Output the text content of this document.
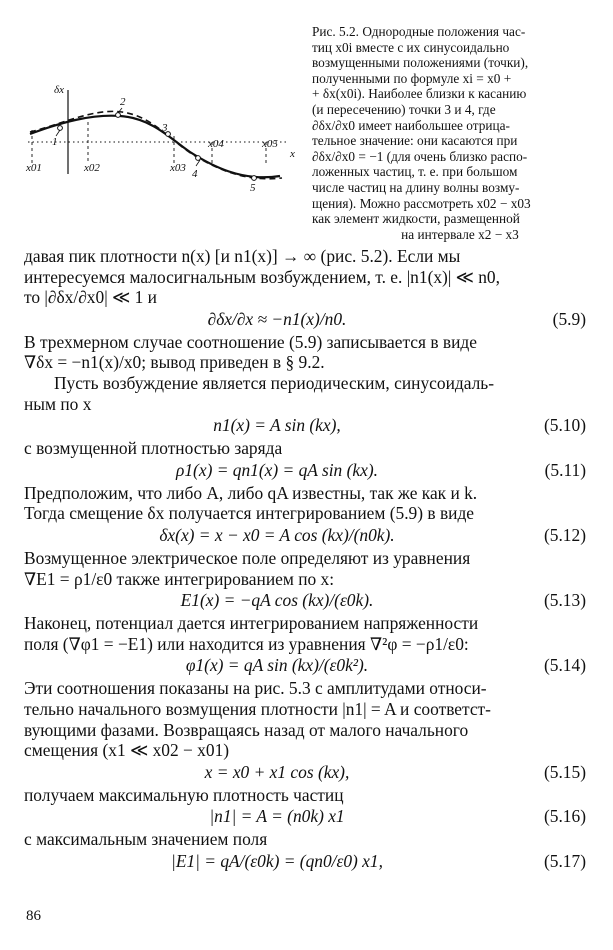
δx
x
x01	x02	x03
x04	x05
1
2
3
4
5
Рис. 5.2. Однородные положения час-
тиц x0i вместе с их синусоидально
возмущенными положениями (точки),
полученными по формуле xi = x0 +
+ δx(x0i). Наиболее близки к касанию
(и пересечению) точки 3 и 4, где
∂δx/∂x0 имеет наибольшее отрица-
тельное значение: они касаются при
∂δx/∂x0 = −1 (для очень близко распо-
ложенных частиц, т. е. при большом
числе частиц на длину волны возму-
щения). Можно рассмотреть x02 − x03
как элемент жидкости, размещенной
на интервале x2 − x3
давая пик плотности n(x) [и n1(x)] → ∞ (рис. 5.2). Если мы
интересуемся малосигнальным возбуждением, т. е. |n1(x)| ≪ n0,
то |∂δx/∂x0| ≪ 1 и
∂δx/∂x ≈ −n1(x)/n0.	(5.9)
В трехмерном случае соотношение (5.9) записывается в виде
∇δx = −n1(x)/x0; вывод приведен в § 9.2.
Пусть возбуждение является периодическим, синусоидаль-
ным по x
n1(x) = A sin (kx),	(5.10)
с возмущенной плотностью заряда
ρ1(x) = qn1(x) = qA sin (kx).	(5.11)
Предположим, что либо A, либо qA известны, так же как и k.
Тогда смещение δx получается интегрированием (5.9) в виде
δx(x) = x − x0 = A cos (kx)/(n0k).	(5.12)
Возмущенное электрическое поле определяют из уравнения
∇E1 = ρ1/ε0 также интегрированием по x:
E1(x) = −qA cos (kx)/(ε0k).	(5.13)
Наконец, потенциал дается интегрированием напряженности
поля (∇φ1 = −E1) или находится из уравнения ∇²φ = −ρ1/ε0:
φ1(x) = qA sin (kx)/(ε0k²).	(5.14)
Эти соотношения показаны на рис. 5.3 с амплитудами относи-
тельно начального возмущения плотности |n1| = A и соответст-
вующими фазами. Возвращаясь назад от малого начального
смещения (x1 ≪ x02 − x01)
x = x0 + x1 cos (kx),	(5.15)
получаем максимальную плотность частиц
|n1| = A = (n0k) x1	(5.16)
с максимальным значением поля
|E1| = qA/(ε0k) = (qn0/ε0) x1,	(5.17)
86
